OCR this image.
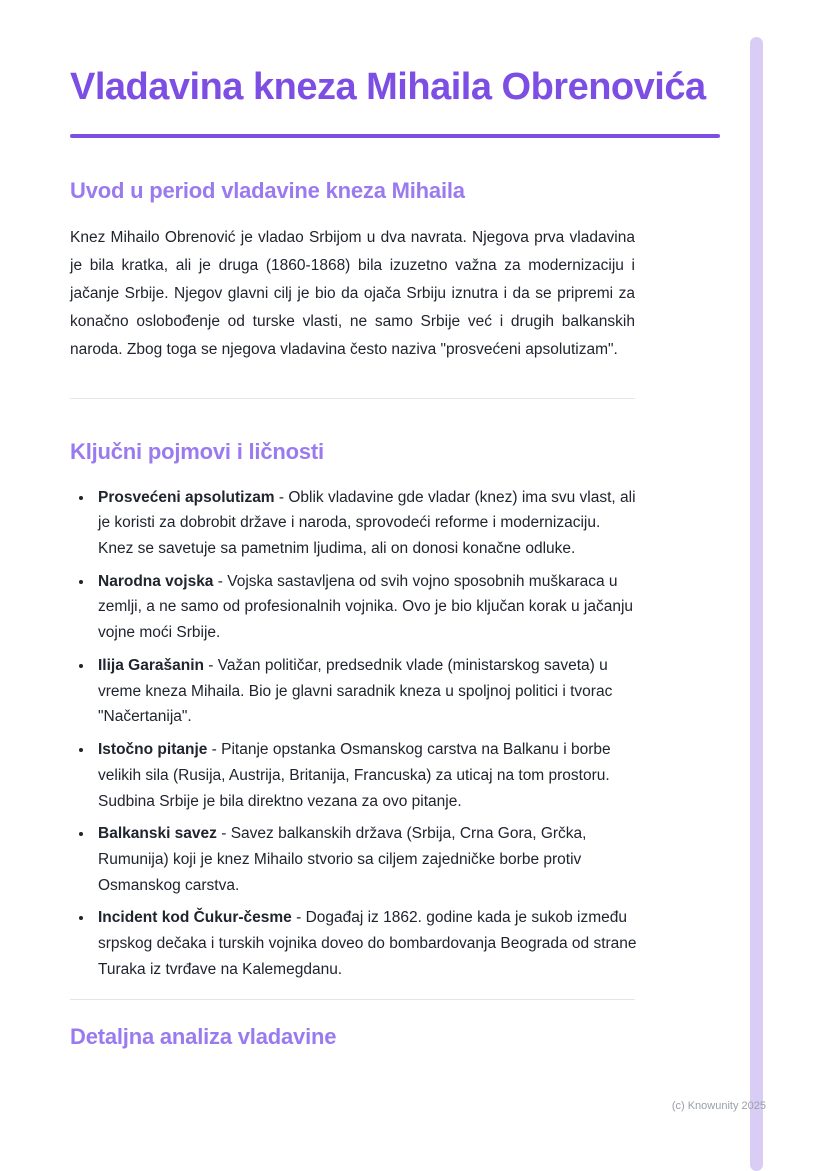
Vladavina kneza Mihaila Obrenovića
Uvod u period vladavine kneza Mihaila

Knez Mihailo Obrenović je vladao Srbijom u dva navrata. Njegova prva vladavina je bila kratka, ali je druga (1860-1868) bila izuzetno važna za modernizaciju i jačanje Srbije. Njegov glavni cilj je bio da ojača Srbiju iznutra i da se pripremi za konačno oslobođenje od turske vlasti, ne samo Srbije već i drugih balkanskih naroda. Zbog toga se njegova vladavina često naziva "prosvećeni apsolutizam".

Ključni pojmovi i ličnosti
• Prosvećeni apsolutizam - Oblik vladavine gde vladar (knez) ima svu vlast, ali je koristi za dobrobit države i naroda, sprovodeći reforme i modernizaciju. Knez se savetuje sa pametnim ljudima, ali on donosi konačne odluke.
• Narodna vojska - Vojska sastavljena od svih vojno sposobnih muškaraca u zemlji, a ne samo od profesionalnih vojnika. Ovo je bio ključan korak u jačanju vojne moći Srbije.
• Ilija Garašanin - Važan političar, predsednik vlade (ministarskog saveta) u vreme kneza Mihaila. Bio je glavni saradnik kneza u spoljnoj politici i tvorac "Načertanija".
• Istočno pitanje - Pitanje opstanka Osmanskog carstva na Balkanu i borbe velikih sila (Rusija, Austrija, Britanija, Francuska) za uticaj na tom prostoru. Sudbina Srbije je bila direktno vezana za ovo pitanje.
• Balkanski savez - Savez balkanskih država (Srbija, Crna Gora, Grčka, Rumunija) koji je knez Mihailo stvorio sa ciljem zajedničke borbe protiv Osmanskog carstva.
• Incident kod Čukur-česme - Događaj iz 1862. godine kada je sukob između srpskog dečaka i turskih vojnika doveo do bombardovanja Beograda od strane Turaka iz tvrđave na Kalemegdanu.
Detaljna analiza vladavine
(c) Knowunity 2025
